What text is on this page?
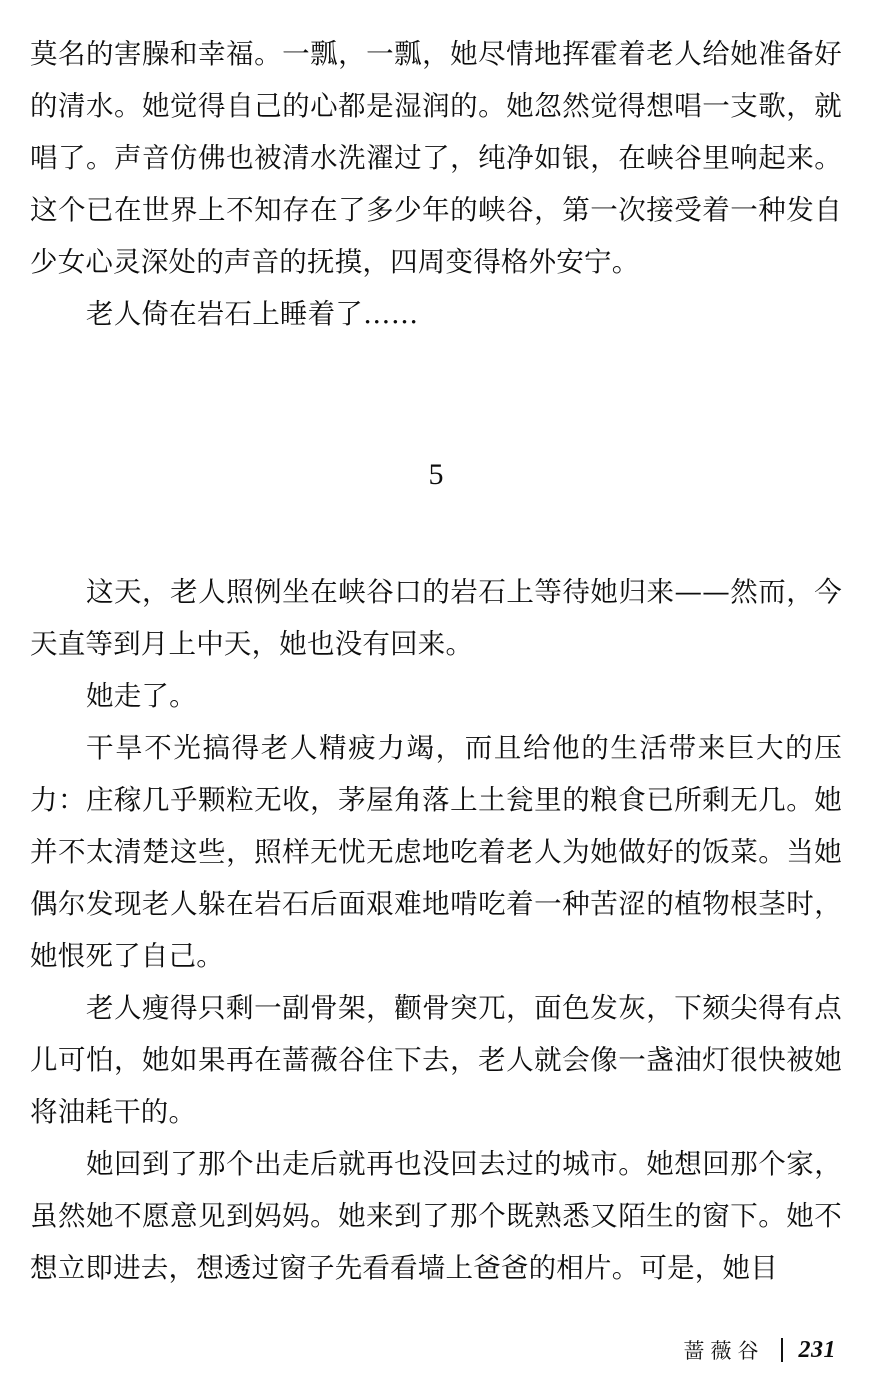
莫名的害臊和幸福。一瓢，一瓢，她尽情地挥霍着老人给她准备好的清水。她觉得自己的心都是湿润的。她忽然觉得想唱一支歌，就唱了。声音仿佛也被清水洗濯过了，纯净如银，在峡谷里响起来。这个已在世界上不知存在了多少年的峡谷，第一次接受着一种发自少女心灵深处的声音的抚摸，四周变得格外安宁。

老人倚在岩石上睡着了……

5

这天，老人照例坐在峡谷口的岩石上等待她归来——然而，今天直等到月上中天，她也没有回来。

她走了。

干旱不光搞得老人精疲力竭，而且给他的生活带来巨大的压力：庄稼几乎颗粒无收，茅屋角落上土瓮里的粮食已所剩无几。她并不太清楚这些，照样无忧无虑地吃着老人为她做好的饭菜。当她偶尔发现老人躲在岩石后面艰难地啃吃着一种苦涩的植物根茎时，她恨死了自己。

老人瘦得只剩一副骨架，颧骨突兀，面色发灰，下颏尖得有点儿可怕，她如果再在蔷薇谷住下去，老人就会像一盏油灯很快被她将油耗干的。

她回到了那个出走后就再也没回去过的城市。她想回那个家，虽然她不愿意见到妈妈。她来到了那个既熟悉又陌生的窗下。她不想立即进去，想透过窗子先看看墙上爸爸的相片。可是，她目

蔷薇谷 231
